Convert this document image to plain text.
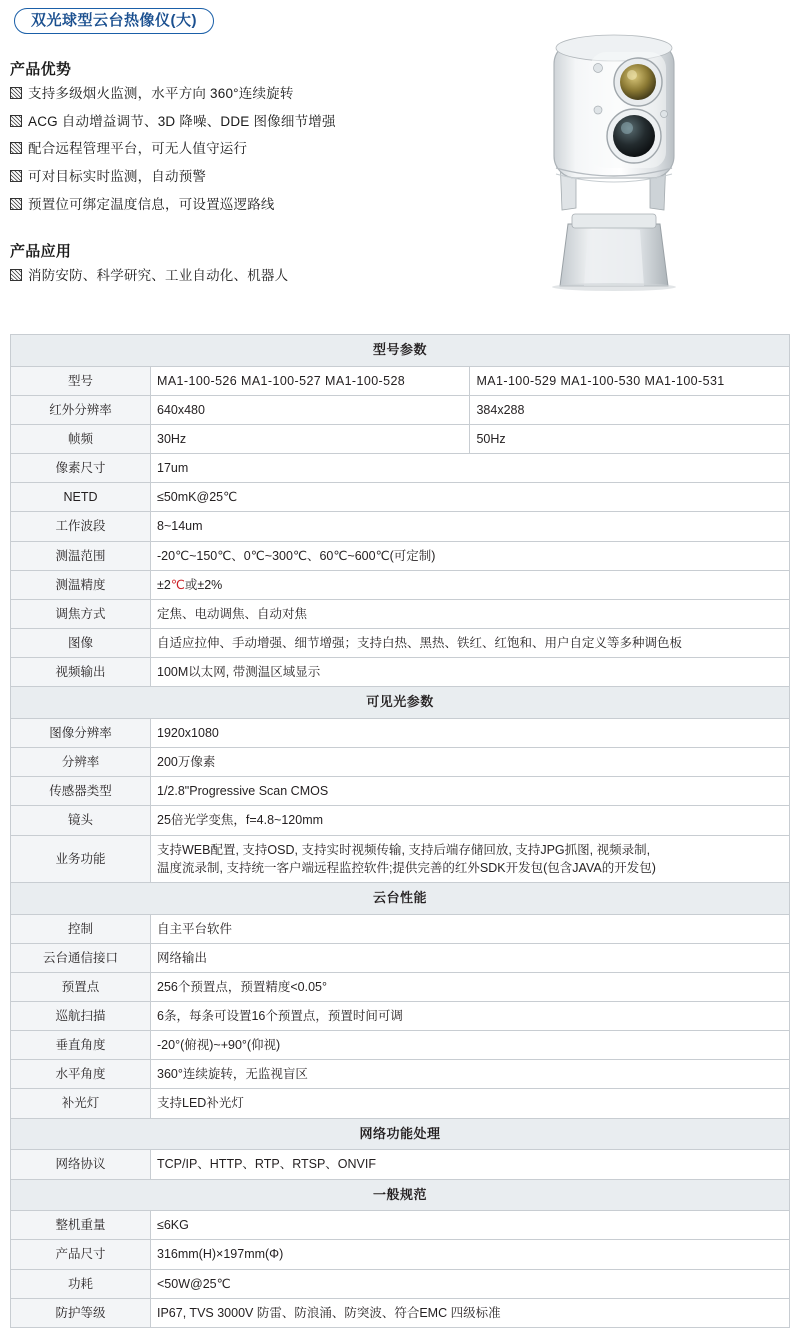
双光球型云台热像仪(大)
产品优势
支持多级烟火监测，水平方向 360°连续旋转
ACG 自动增益调节、3D 降噪、DDE 图像细节增强
配合远程管理平台，可无人值守运行
可对目标实时监测，自动预警
预置位可绑定温度信息，可设置巡逻路线
产品应用
消防安防、科学研究、工业自动化、机器人
型号参数		
型号	MA1-100-526 MA1-100-527 MA1-100-528	MA1-100-529 MA1-100-530 MA1-100-531
红外分辨率	640x480	384x288
帧频	30Hz	50Hz
像素尺寸	17um	
NETD	≤50mK@25℃	
工作波段	8~14um	
测温范围	-20℃~150℃、0℃~300℃、60℃~600℃(可定制)	
测温精度	±2℃或±2%	
调焦方式	定焦、电动调焦、自动对焦	
图像	自适应拉伸、手动增强、细节增强；支持白热、黑热、铁红、红饱和、用户自定义等多种调色板	
视频输出	100M以太网, 带测温区域显示	
可见光参数		
图像分辨率	1920x1080	
分辨率	200万像素	
传感器类型	1/2.8"Progressive Scan CMOS	
镜头	25倍光学变焦，f=4.8~120mm	
业务功能	支持WEB配置, 支持OSD, 支持实时视频传输, 支持后端存储回放, 支持JPG抓图, 视频录制,
温度流录制, 支持统一客户端远程监控软件;提供完善的红外SDK开发包(包含JAVA的开发包)	

云台性能		
控制	自主平台软件	
云台通信接口	网络输出	
预置点	256个预置点，预置精度<0.05°	
巡航扫描	6条，每条可设置16个预置点，预置时间可调	
垂直角度	-20°(俯视)~+90°(仰视)	
水平角度	360°连续旋转，无监视盲区	
补光灯	支持LED补光灯	
网络功能处理		
网络协议	TCP/IP、HTTP、RTP、RTSP、ONVIF	
一般规范		
整机重量	≤6KG	
产品尺寸	316mm(H)×197mm(Φ)	
功耗	<50W@25℃	
防护等级	IP67, TVS 3000V 防雷、防浪涌、防突波、符合EMC 四级标准	
